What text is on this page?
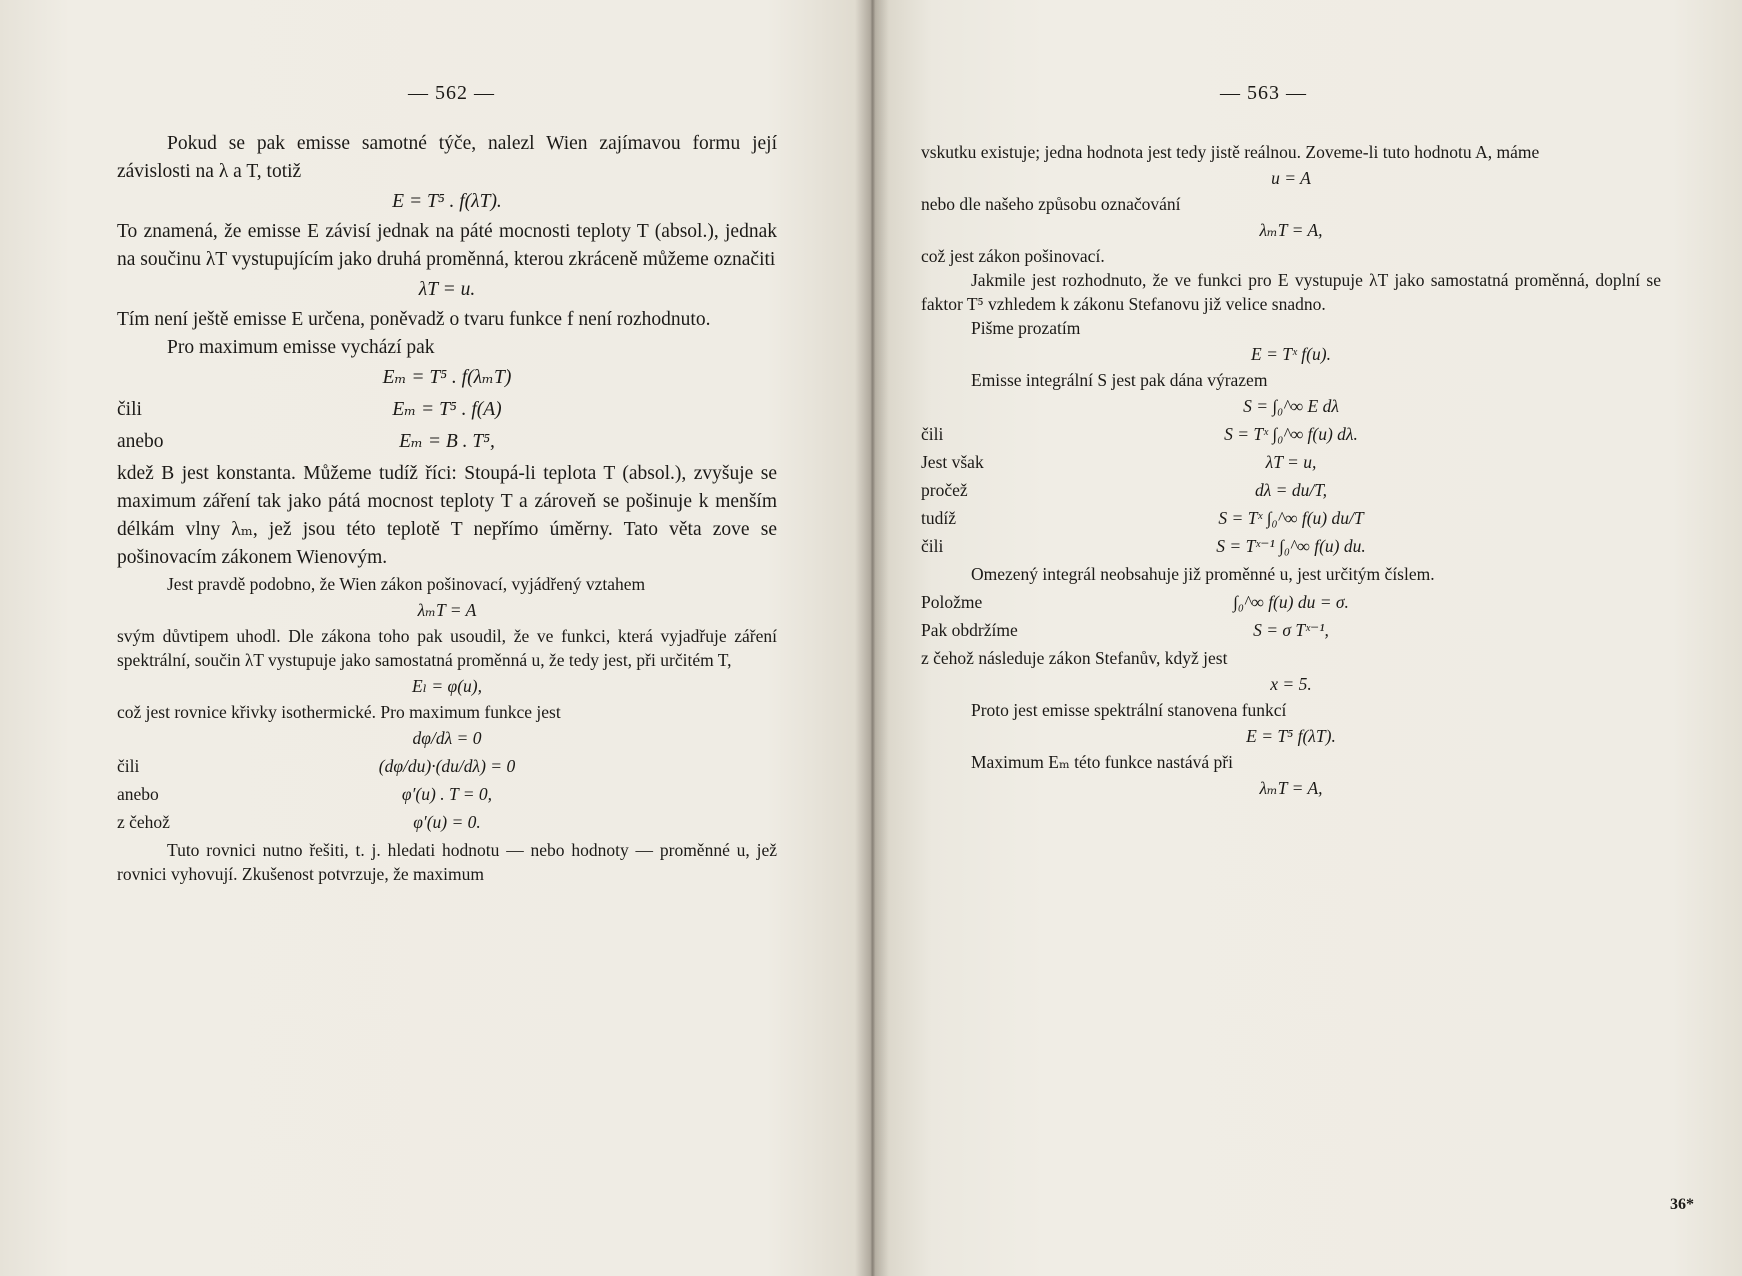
— 562 —

Pokud se pak emisse samotné týče, nalezl Wien zajímavou formu její závislosti na λ a T, totiž

E = T⁵ . f(λT).

To znamená, že emisse E závisí jednak na páté mocnosti teploty T (absol.), jednak na součinu λT vystupujícím jako druhá proměnná, kterou zkráceně můžeme označiti

λT = u.

Tím není ještě emisse E určena, poněvadž o tvaru funkce f není rozhodnuto.

Pro maximum emisse vychází pak

Eₘ = T⁵ . f(λₘT)
čili	Eₘ = T⁵ . f(A)
anebo	Eₘ = B . T⁵,

kdež B jest konstanta. Můžeme tudíž říci: Stoupá-li teplota T (absol.), zvyšuje se maximum záření tak jako pátá mocnost teploty T a zároveň se pošinuje k menším délkám vlny λₘ, jež jsou této teplotě T nepřímo úměrny. Tato věta zove se pošinovacím zákonem Wienovým.

Jest pravdě podobno, že Wien zákon pošinovací, vyjádřený vztahem

λₘT = A

svým důvtipem uhodl. Dle zákona toho pak usoudil, že ve funkci, která vyjadřuje záření spektrální, součin λT vystupuje jako samostatná proměnná u, že tedy jest, při určitém T,

Eₗ = φ(u),

což jest rovnice křivky isothermické. Pro maximum funkce jest

dφ/dλ = 0
čili	(dφ/du)·(du/dλ) = 0
anebo	φ′(u) . T = 0,
z čehož	φ′(u) = 0.

Tuto rovnici nutno řešiti, t. j. hledati hodnotu — nebo hodnoty — proměnné u, jež rovnici vyhovují. Zkušenost potvrzuje, že maximum

— 563 —

vskutku existuje; jedna hodnota jest tedy jistě reálnou. Zoveme-li tuto hodnotu A, máme

u = A

nebo dle našeho způsobu označování

λₘT = A,

což jest zákon pošinovací.

Jakmile jest rozhodnuto, že ve funkci pro E vystupuje λT jako samostatná proměnná, doplní se faktor T⁵ vzhledem k zákonu Stefanovu již velice snadno.

Pišme prozatím

E = Tˣ f(u).

Emisse integrální S jest pak dána výrazem

S = ∫₀^∞ E dλ
čili	S = Tˣ ∫₀^∞ f(u) dλ.
Jest však	λT = u,
pročež	dλ = du/T,
tudíž	S = Tˣ ∫₀^∞ f(u) du/T
čili	S = Tˣ⁻¹ ∫₀^∞ f(u) du.

Omezený integrál neobsahuje již proměnné u, jest určitým číslem.

Položme	∫₀^∞ f(u) du = σ.
Pak obdržíme	S = σ Tˣ⁻¹,

z čehož následuje zákon Stefanův, když jest

x = 5.

Proto jest emisse spektrální stanovena funkcí

E = T⁵ f(λT).

Maximum Eₘ této funkce nastává při

λₘT = A,
36*
